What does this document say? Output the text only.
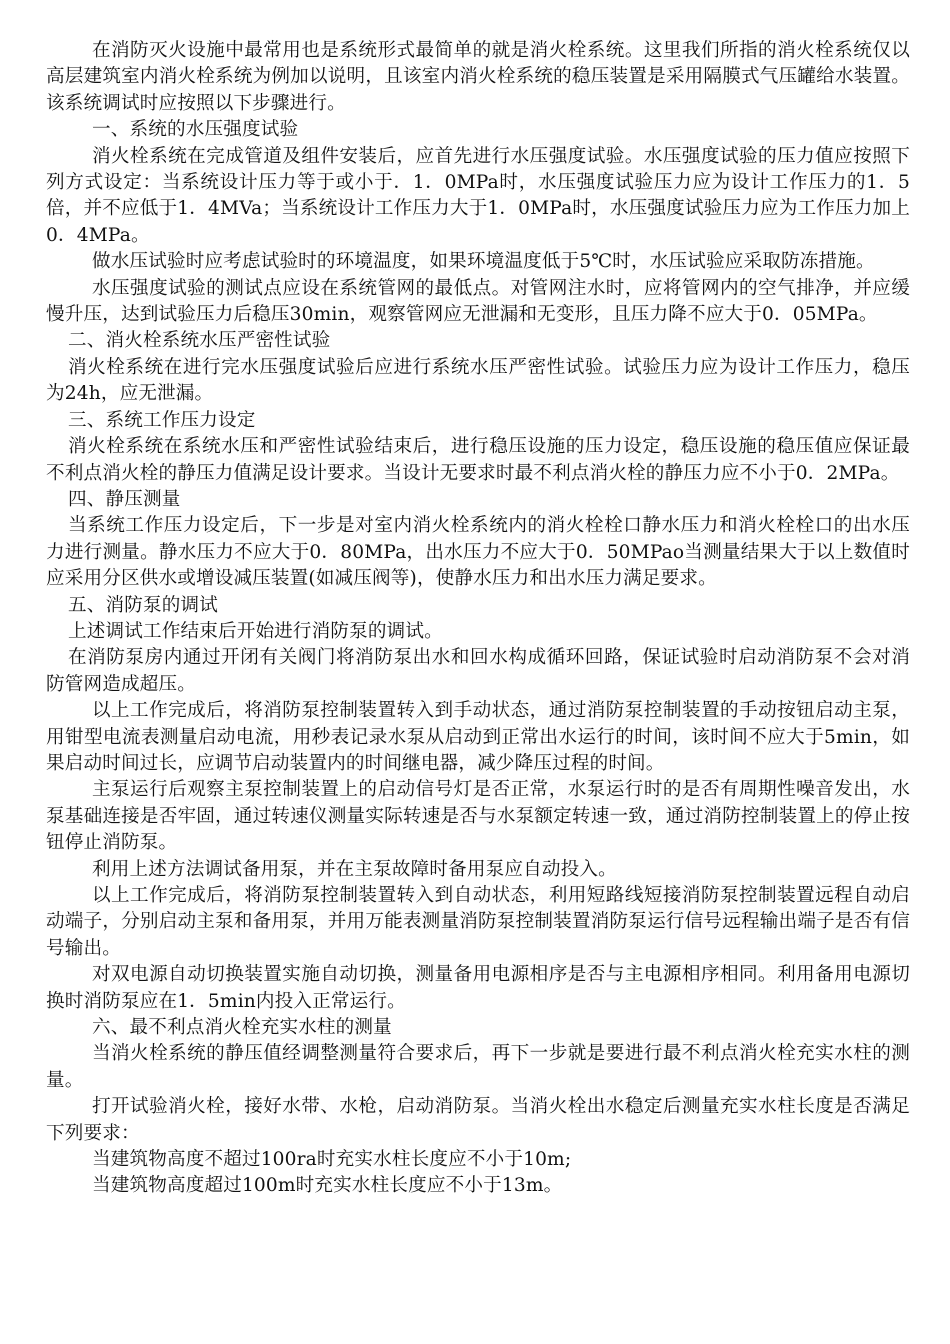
在消防灭火设施中最常用也是系统形式最简单的就是消火栓系统。这里我们所指的消火栓系统仅以高层建筑室内消火栓系统为例加以说明，且该室内消火栓系统的稳压装置是采用隔膜式气压罐给水装置。该系统调试时应按照以下步骤进行。

一、系统的水压强度试验

消火栓系统在完成管道及组件安装后，应首先进行水压强度试验。水压强度试验的压力值应按照下列方式设定：当系统设计压力等于或小于．1．0MPa时，水压强度试验压力应为设计工作压力的1．5倍，并不应低于1．4MVa；当系统设计工作压力大于1．0MPa时，水压强度试验压力应为工作压力加上0．4MPa。

做水压试验时应考虑试验时的环境温度，如果环境温度低于5℃时，水压试验应采取防冻措施。

水压强度试验的测试点应设在系统管网的最低点。对管网注水时，应将管网内的空气排净，并应缓慢升压，达到试验压力后稳压30min，观察管网应无泄漏和无变形，且压力降不应大于0．05MPa。

二、消火栓系统水压严密性试验

消火栓系统在进行完水压强度试验后应进行系统水压严密性试验。试验压力应为设计工作压力，稳压为24h，应无泄漏。

三、系统工作压力设定

消火栓系统在系统水压和严密性试验结束后，进行稳压设施的压力设定，稳压设施的稳压值应保证最不利点消火栓的静压力值满足设计要求。当设计无要求时最不利点消火栓的静压力应不小于0．2MPa。

四、静压测量

当系统工作压力设定后，下一步是对室内消火栓系统内的消火栓栓口静水压力和消火栓栓口的出水压力进行测量。静水压力不应大于0．80MPa，出水压力不应大于0．50MPao当测量结果大于以上数值时应采用分区供水或增设减压装置(如减压阀等)，使静水压力和出水压力满足要求。

五、消防泵的调试

上述调试工作结束后开始进行消防泵的调试。

在消防泵房内通过开闭有关阀门将消防泵出水和回水构成循环回路，保证试验时启动消防泵不会对消防管网造成超压。

以上工作完成后，将消防泵控制装置转入到手动状态，通过消防泵控制装置的手动按钮启动主泵，用钳型电流表测量启动电流，用秒表记录水泵从启动到正常出水运行的时间，该时间不应大于5min，如果启动时间过长，应调节启动装置内的时间继电器，减少降压过程的时间。

主泵运行后观察主泵控制装置上的启动信号灯是否正常，水泵运行时的是否有周期性噪音发出，水泵基础连接是否牢固，通过转速仪测量实际转速是否与水泵额定转速一致，通过消防控制装置上的停止按钮停止消防泵。

利用上述方法调试备用泵，并在主泵故障时备用泵应自动投入。

以上工作完成后，将消防泵控制装置转入到自动状态，利用短路线短接消防泵控制装置远程自动启动端子，分别启动主泵和备用泵，并用万能表测量消防泵控制装置消防泵运行信号远程输出端子是否有信号输出。

对双电源自动切换装置实施自动切换，测量备用电源相序是否与主电源相序相同。利用备用电源切换时消防泵应在1．5min内投入正常运行。

六、最不利点消火栓充实水柱的测量

当消火栓系统的静压值经调整测量符合要求后，再下一步就是要进行最不利点消火栓充实水柱的测量。

打开试验消火栓，接好水带、水枪，启动消防泵。当消火栓出水稳定后测量充实水柱长度是否满足下列要求：

当建筑物高度不超过100ra时充实水柱长度应不小于10m;

当建筑物高度超过100m时充实水柱长度应不小于13m。
